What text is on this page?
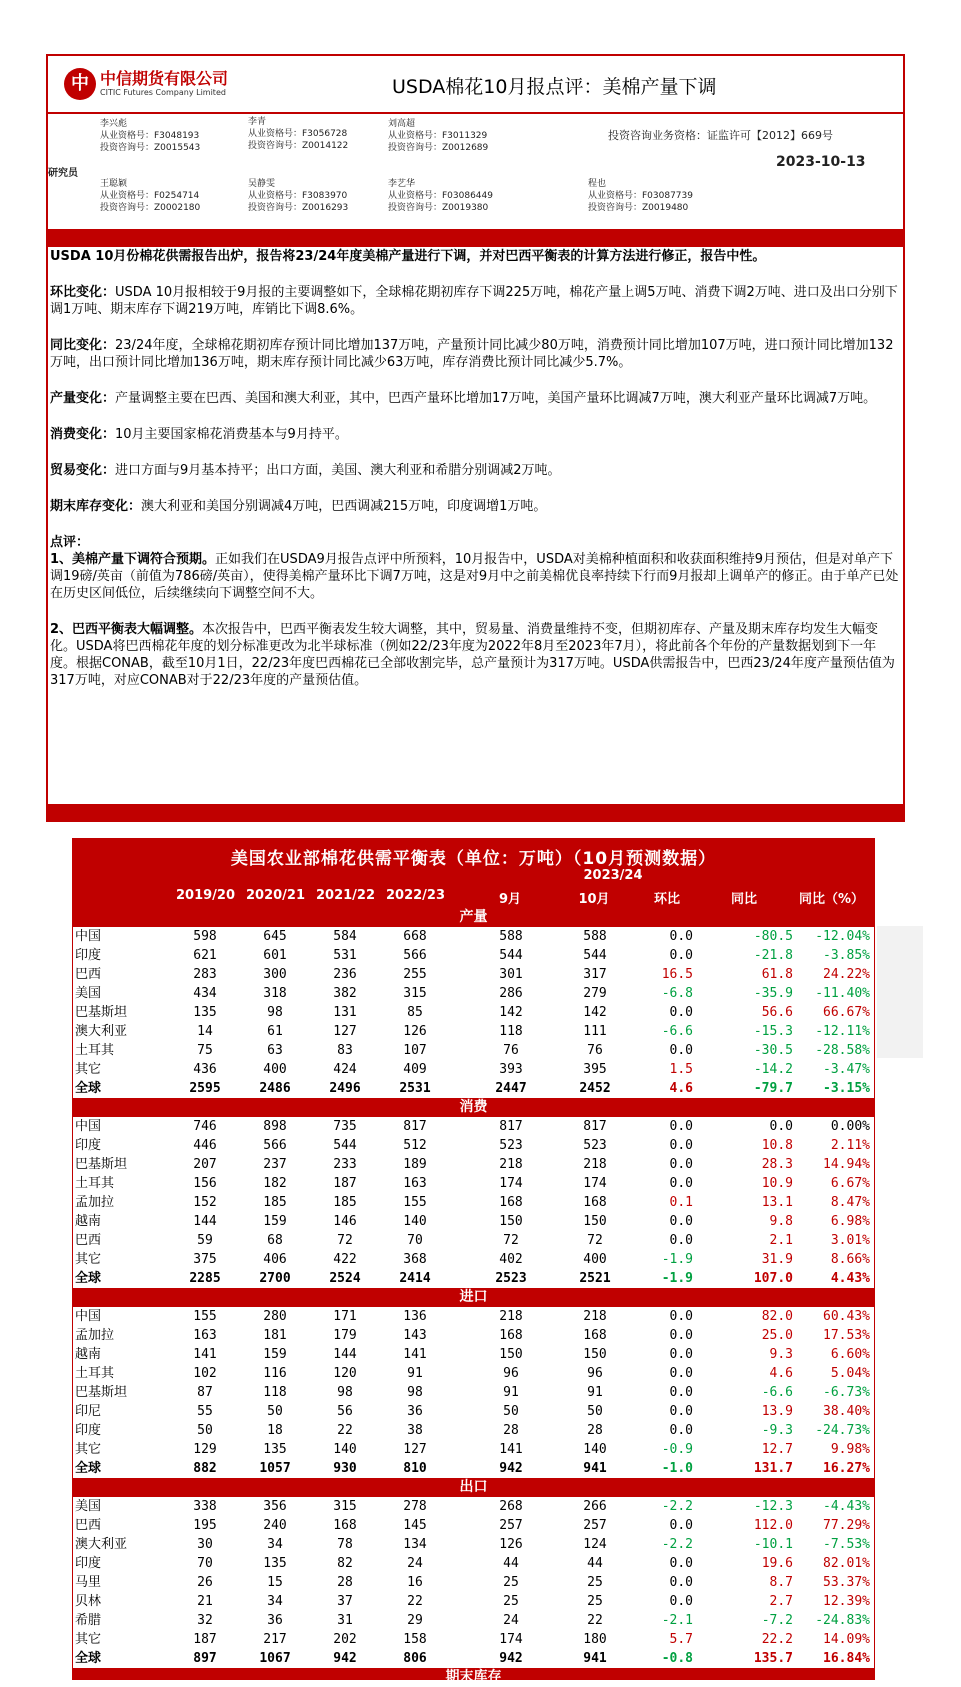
中 中信期货有限公司
CITIC Futures Company Limited	USDA棉花10月报点评：美棉产量下调
研究员
李兴彪
从业资格号：F3048193
投资咨询号：Z0015543
李青
从业资格号：F3056728
投资咨询号：Z0014122
刘高超
从业资格号：F3011329
投资咨询号：Z0012689
王聪颖
从业资格号：F0254714
投资咨询号：Z0002180
吴静雯
从业资格号：F3083970
投资咨询号：Z0016293
李艺华
从业资格号：F03086449
投资咨询号：Z0019380
程也
从业资格号：F03087739
投资咨询号：Z0019480
投资咨询业务资格：证监许可【2012】669号
2023-10-13

USDA 10月份棉花供需报告出炉，报告将23/24年度美棉产量进行下调，并对巴西平衡表的计算方法进行修正，报告中性。

环比变化：USDA 10月报相较于9月报的主要调整如下，全球棉花期初库存下调225万吨，棉花产量上调5万吨、消费下调2万吨、进口及出口分别下调1万吨、期末库存下调219万吨，库销比下调8.6%。

同比变化：23/24年度，全球棉花期初库存预计同比增加137万吨，产量预计同比减少80万吨，消费预计同比增加107万吨，进口预计同比增加132万吨，出口预计同比增加136万吨，期末库存预计同比减少63万吨，库存消费比预计同比减少5.7%。

产量变化：产量调整主要在巴西、美国和澳大利亚，其中，巴西产量环比增加17万吨，美国产量环比调减7万吨，澳大利亚产量环比调减7万吨。

消费变化：10月主要国家棉花消费基本与9月持平。

贸易变化：进口方面与9月基本持平；出口方面，美国、澳大利亚和希腊分别调减2万吨。

期末库存变化：澳大利亚和美国分别调减4万吨，巴西调减215万吨，印度调增1万吨。

点评：

1、美棉产量下调符合预期。正如我们在USDA9月报告点评中所预料，10月报告中，USDA对美棉种植面积和收获面积维持9月预估，但是对单产下调19磅/英亩（前值为786磅/英亩），使得美棉产量环比下调7万吨，这是对9月中之前美棉优良率持续下行而9月报却上调单产的修正。由于单产已处在历史区间低位，后续继续向下调整空间不大。

2、巴西平衡表大幅调整。本次报告中，巴西平衡表发生较大调整，其中，贸易量、消费量维持不变，但期初库存、产量及期末库存均发生大幅变化。USDA将巴西棉花年度的划分标准更改为北半球标准（例如22/23年度为2022年8月至2023年7月），将此前各个年份的产量数据划到下一年度。根据CONAB，截至10月1日，22/23年度巴西棉花已全部收割完毕，总产量预计为317万吨。USDA供需报告中，巴西23/24年度产量预估值为317万吨，对应CONAB对于22/23年度的产量预估值。

美国农业部棉花供需平衡表（单位：万吨）（10月预测数据）
2023/24
2019/20 2020/21 2021/22 2022/23	9月	10月	环比	同比	同比（%）
产量
中国	598	645	584	668	588	588	0.0	-80.5	-12.04%
印度	621	601	531	566	544	544	0.0	-21.8	-3.85%
巴西	283	300	236	255	301	317	16.5	61.8	24.22%
美国	434	318	382	315	286	279	-6.8	-35.9	-11.40%
巴基斯坦	135	98	131	85	142	142	0.0	56.6	66.67%
澳大利亚	14	61	127	126	118	111	-6.6	-15.3	-12.11%
土耳其	75	63	83	107	76	76	0.0	-30.5	-28.58%
其它	436	400	424	409	393	395	1.5	-14.2	-3.47%
全球	2595	2486	2496	2531	2447	2452	4.6	-79.7	-3.15%
消费
中国	746	898	735	817	817	817	0.0	0.0	0.00%
印度	446	566	544	512	523	523	0.0	10.8	2.11%
巴基斯坦	207	237	233	189	218	218	0.0	28.3	14.94%
土耳其	156	182	187	163	174	174	0.0	10.9	6.67%
孟加拉	152	185	185	155	168	168	0.1	13.1	8.47%
越南	144	159	146	140	150	150	0.0	9.8	6.98%
巴西	59	68	72	70	72	72	0.0	2.1	3.01%
其它	375	406	422	368	402	400	-1.9	31.9	8.66%
全球	2285	2700	2524	2414	2523	2521	-1.9	107.0	4.43%
进口
中国	155	280	171	136	218	218	0.0	82.0	60.43%
孟加拉	163	181	179	143	168	168	0.0	25.0	17.53%
越南	141	159	144	141	150	150	0.0	9.3	6.60%
土耳其	102	116	120	91	96	96	0.0	4.6	5.04%
巴基斯坦	87	118	98	98	91	91	0.0	-6.6	-6.73%
印尼	55	50	56	36	50	50	0.0	13.9	38.40%
印度	50	18	22	38	28	28	0.0	-9.3	-24.73%
其它	129	135	140	127	141	140	-0.9	12.7	9.98%
全球	882	1057	930	810	942	941	-1.0	131.7	16.27%
出口
美国	338	356	315	278	268	266	-2.2	-12.3	-4.43%
巴西	195	240	168	145	257	257	0.0	112.0	77.29%
澳大利亚	30	34	78	134	126	124	-2.2	-10.1	-7.53%
印度	70	135	82	24	44	44	0.0	19.6	82.01%
马里	26	15	28	16	25	25	0.0	8.7	53.37%
贝林	21	34	37	22	25	25	0.0	2.7	12.39%
希腊	32	36	31	29	24	22	-2.1	-7.2	-24.83%
其它	187	217	202	158	174	180	5.7	22.2	14.09%
全球	897	1067	942	806	942	941	-0.8	135.7	16.84%
期末库存
